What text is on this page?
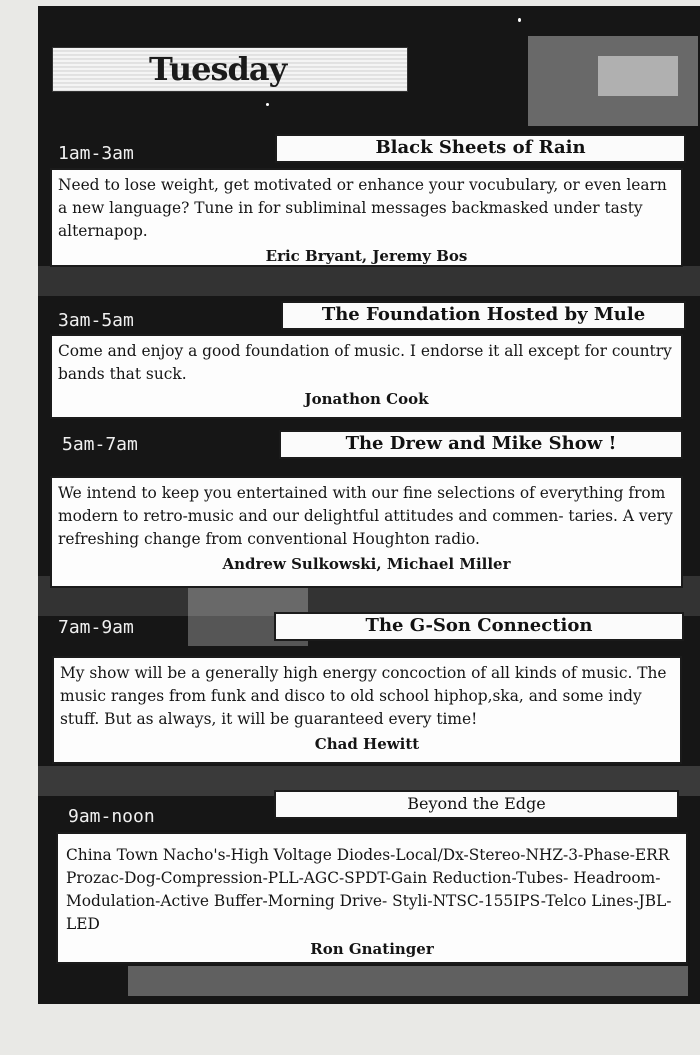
Tuesday
1am-3am	Black Sheets of Rain
Need to lose weight, get motivated or enhance your vocubulary, or even learn a new language? Tune in for subliminal messages backmasked under tasty alternapop.
Eric Bryant, Jeremy Bos
3am-5am	The Foundation Hosted by Mule
Come and enjoy a good foundation of music. I endorse it all except for country bands that suck.
Jonathon Cook
5am-7am	The Drew and Mike Show !
We intend to keep you entertained with our fine selections of everything from modern to retro-music and our delightful attitudes and commen- taries. A very refreshing change from conventional Houghton radio.
Andrew Sulkowski, Michael Miller
7am-9am	The G-Son Connection
My show will be a generally high energy concoction of all kinds of music. The music ranges from funk and disco to old school hiphop,ska, and some indy stuff. But as always, it will be guaranteed every time!
Chad Hewitt
9am-noon
Beyond the Edge
China Town Nacho's-High Voltage Diodes-Local/Dx-Stereo-NHZ-3-Phase-ERR Prozac-Dog-Compression-PLL-AGC-SPDT-Gain Reduction-Tubes- Headroom-Modulation-Active Buffer-Morning Drive- Styli-NTSC-155IPS-Telco Lines-JBL-LED
Ron Gnatinger
